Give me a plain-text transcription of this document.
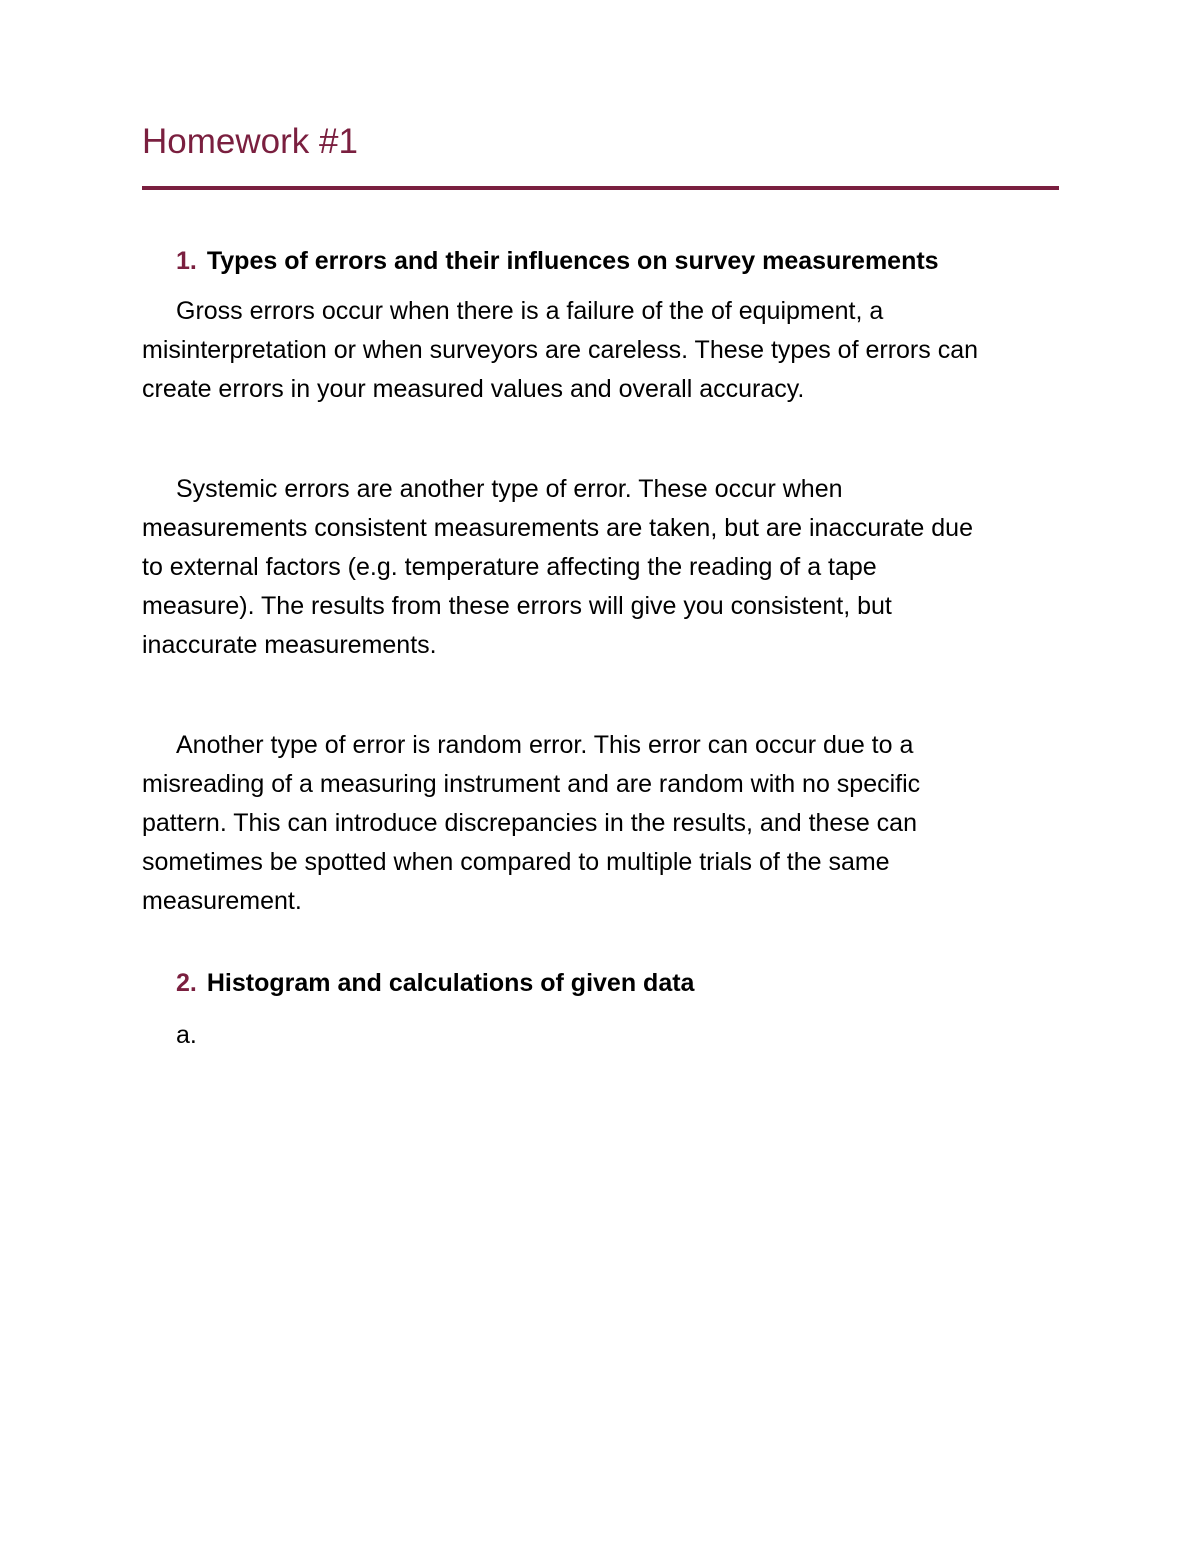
Homework #1
1. Types of errors and their influences on survey measurements

Gross errors occur when there is a failure of the of equipment, a
misinterpretation or when surveyors are careless. These types of errors can
create errors in your measured values and overall accuracy.

Systemic errors are another type of error. These occur when
measurements consistent measurements are taken, but are inaccurate due
to external factors (e.g. temperature affecting the reading of a tape
measure). The results from these errors will give you consistent, but
inaccurate measurements.

Another type of error is random error. This error can occur due to a
misreading of a measuring instrument and are random with no specific
pattern. This can introduce discrepancies in the results, and these can
sometimes be spotted when compared to multiple trials of the same
measurement.

2. Histogram and calculations of given data
a.
